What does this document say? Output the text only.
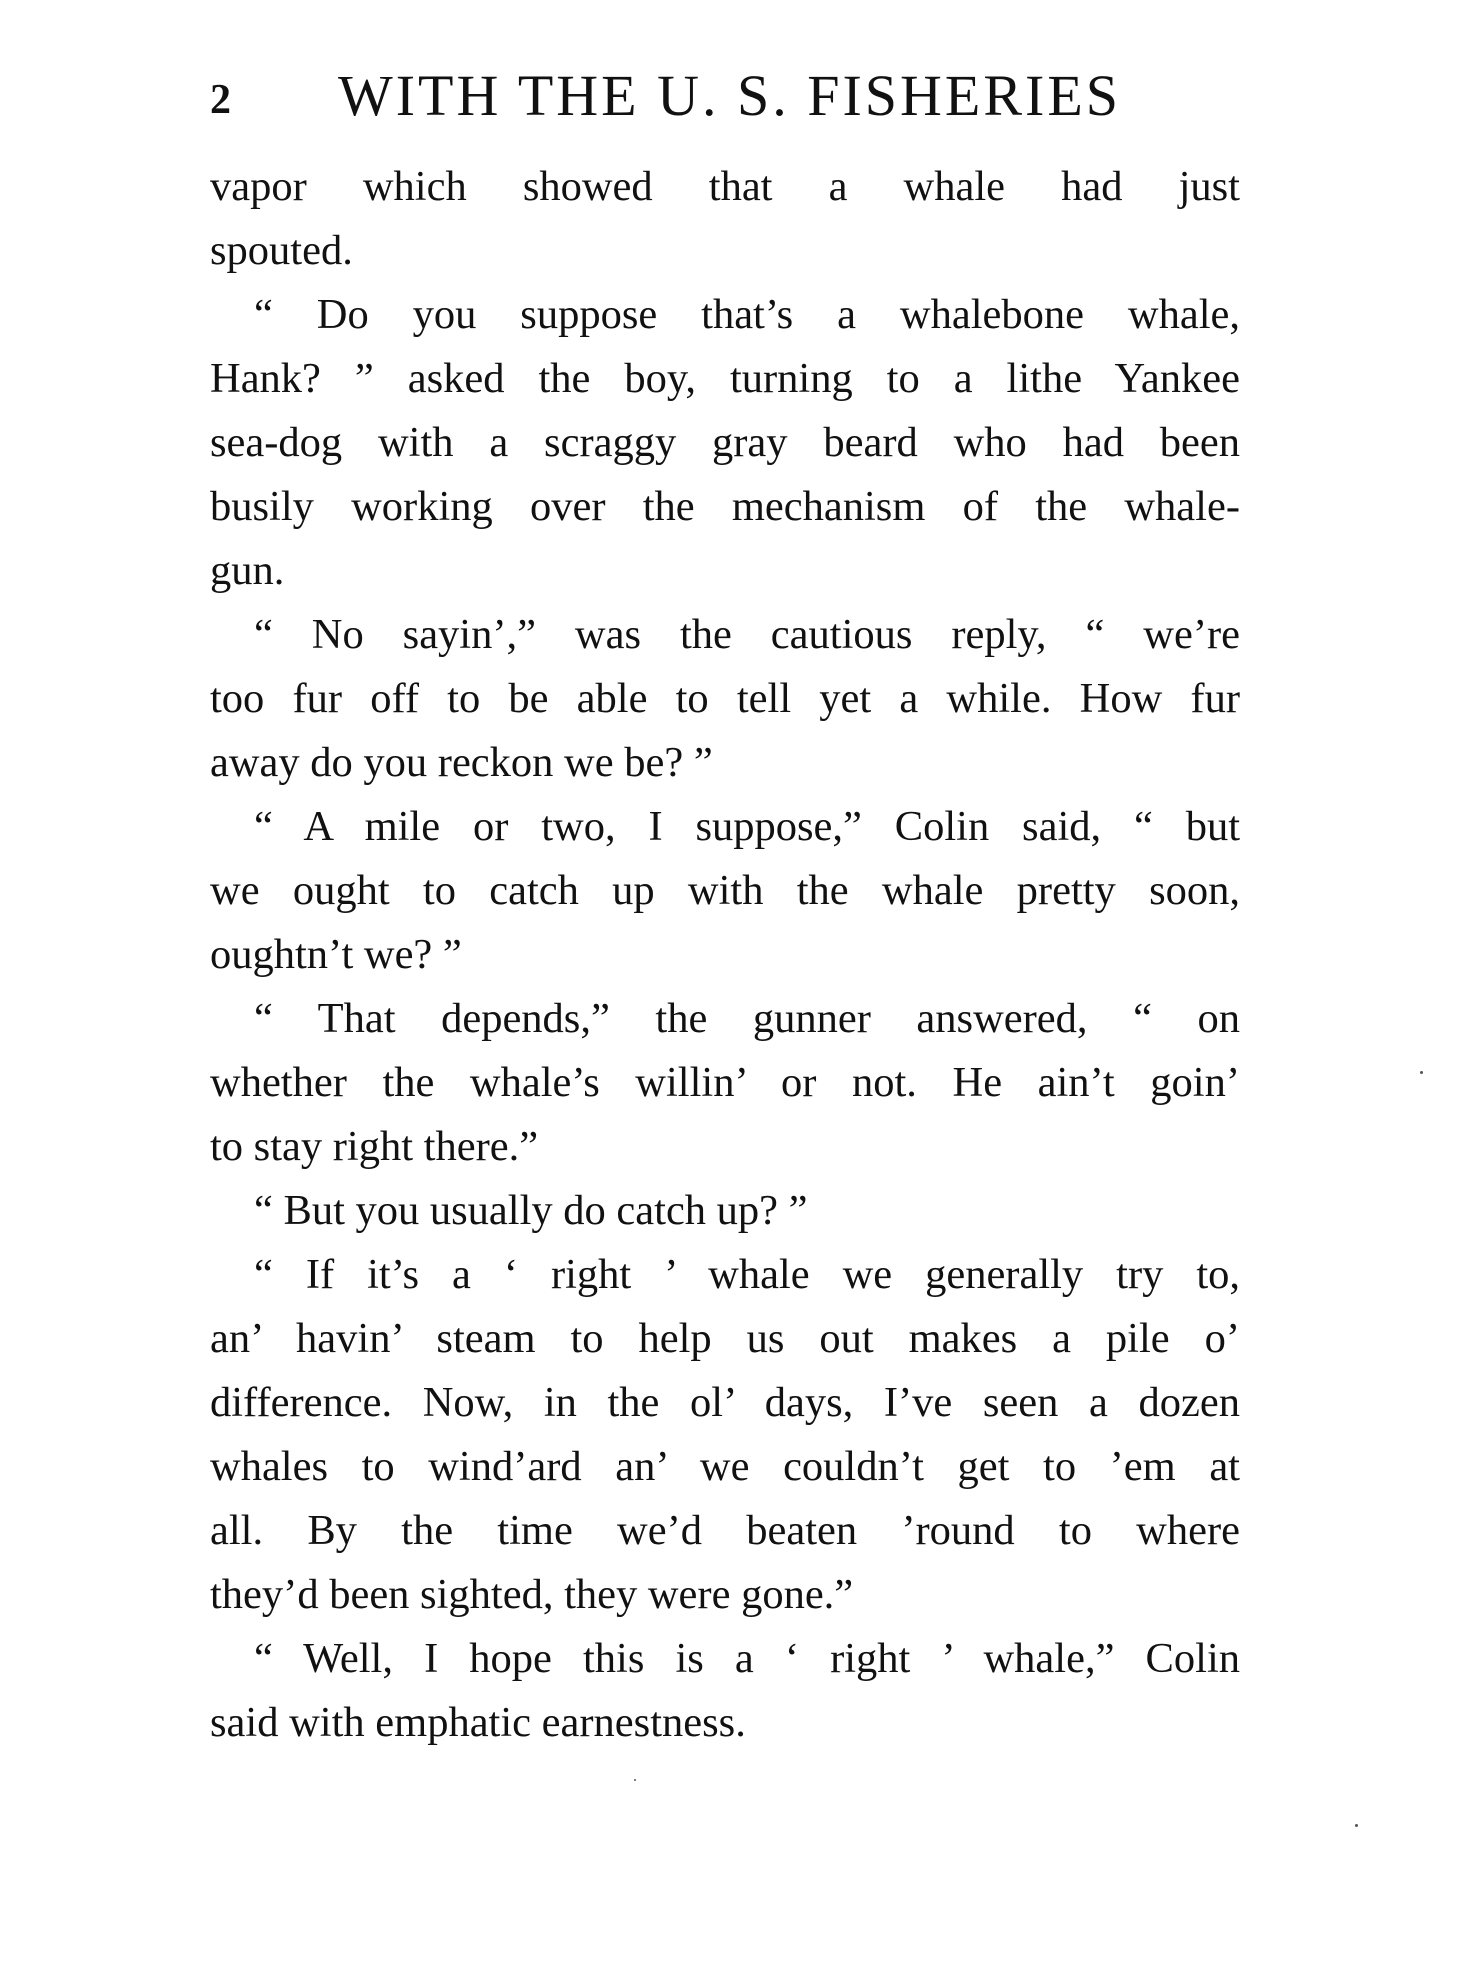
2 WITH THE U. S. FISHERIES
vapor which showed that a whale had just
spouted.
“ Do you suppose that’s a whalebone whale,
Hank? ” asked the boy, turning to a lithe Yankee
sea-dog with a scraggy gray beard who had been
busily working over the mechanism of the whale-
gun.
“ No sayin’,” was the cautious reply, “ we’re
too fur off to be able to tell yet a while. How fur
away do you reckon we be? ”
“ A mile or two, I suppose,” Colin said, “ but
we ought to catch up with the whale pretty soon,
oughtn’t we? ”
“ That depends,” the gunner answered, “ on
whether the whale’s willin’ or not. He ain’t goin’
to stay right there.”
“ But you usually do catch up? ”
“ If it’s a ‘ right ’ whale we generally try to,
an’ havin’ steam to help us out makes a pile o’
difference. Now, in the ol’ days, I’ve seen a dozen
whales to wind’ard an’ we couldn’t get to ’em at
all. By the time we’d beaten ’round to where
they’d been sighted, they were gone.”
“ Well, I hope this is a ‘ right ’ whale,” Colin
said with emphatic earnestness.
